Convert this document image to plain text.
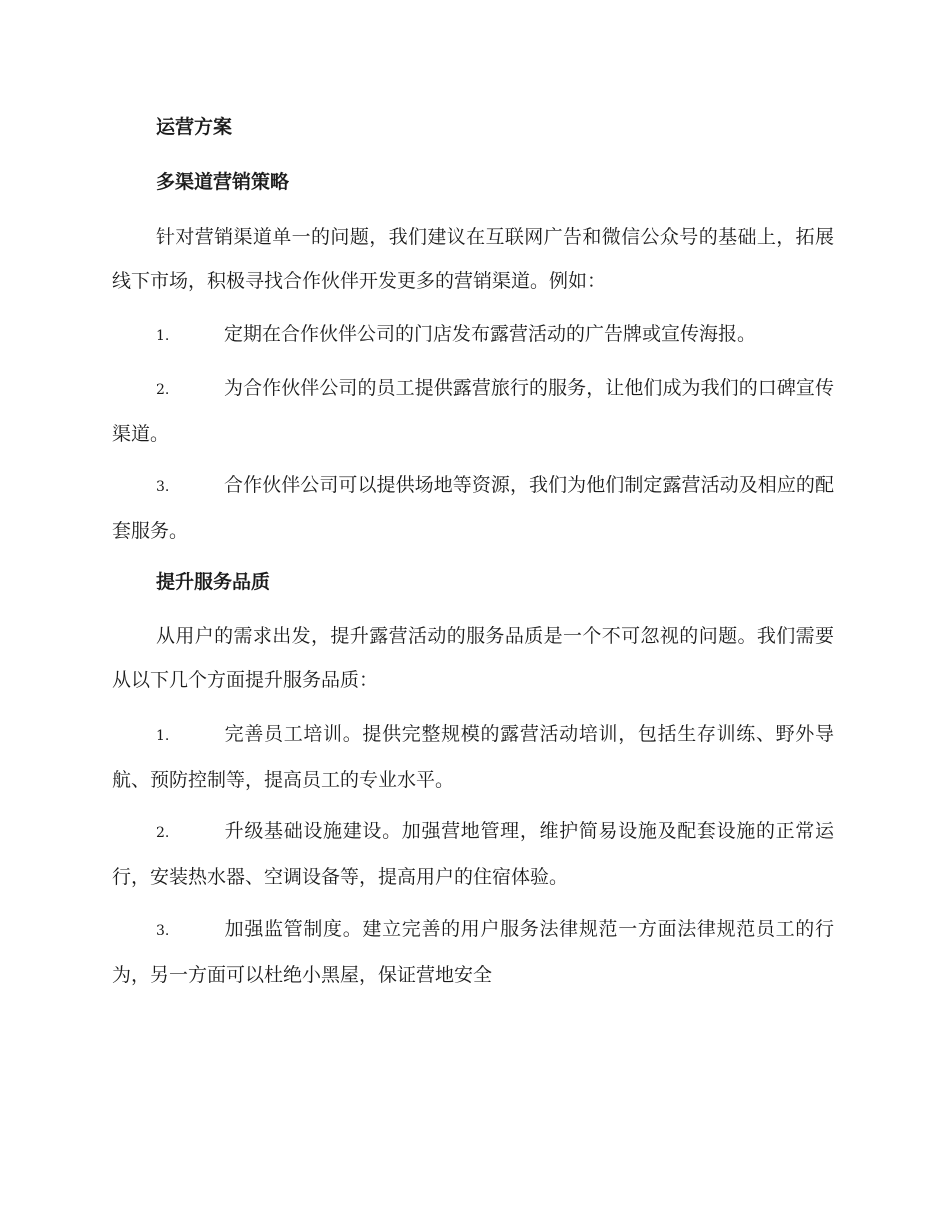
运营方案
多渠道营销策略
针对营销渠道单一的问题，我们建议在互联网广告和微信公众号的基础上，拓展线下市场，积极寻找合作伙伴开发更多的营销渠道。例如：
1.	定期在合作伙伴公司的门店发布露营活动的广告牌或宣传海报。
2.	为合作伙伴公司的员工提供露营旅行的服务，让他们成为我们的口碑宣传渠道。
3.	合作伙伴公司可以提供场地等资源，我们为他们制定露营活动及相应的配套服务。
提升服务品质
从用户的需求出发，提升露营活动的服务品质是一个不可忽视的问题。我们需要从以下几个方面提升服务品质：
1.	完善员工培训。提供完整规模的露营活动培训，包括生存训练、野外导航、预防控制等，提高员工的专业水平。
2.	升级基础设施建设。加强营地管理，维护简易设施及配套设施的正常运行，安装热水器、空调设备等，提高用户的住宿体验。
3.	加强监管制度。建立完善的用户服务法律规范一方面法律规范员工的行为，另一方面可以杜绝小黑屋，保证营地安全
